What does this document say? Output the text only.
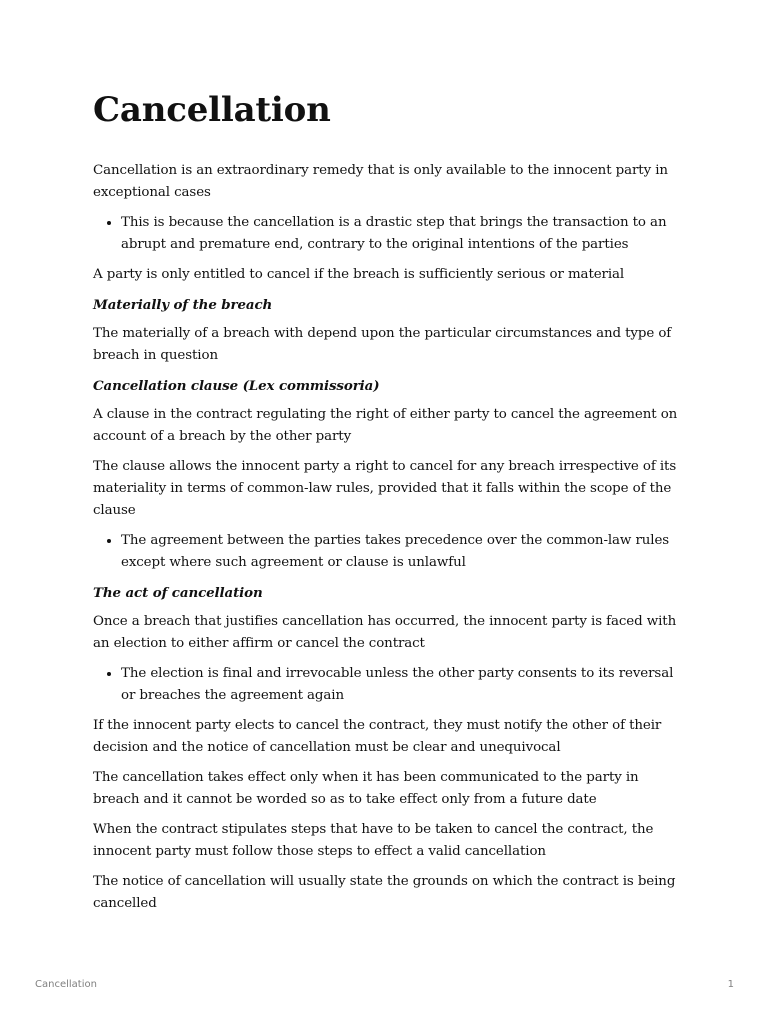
Cancellation

Cancellation is an extraordinary remedy that is only available to the innocent party in exceptional cases

• This is because the cancellation is a drastic step that brings the transaction to an abrupt and premature end, contrary to the original intentions of the parties

A party is only entitled to cancel if the breach is sufficiently serious or material

Materially of the breach

The materially of a breach with depend upon the particular circumstances and type of breach in question

Cancellation clause (Lex commissoria)

A clause in the contract regulating the right of either party to cancel the agreement on account of a breach by the other party

The clause allows the innocent party a right to cancel for any breach irrespective of its materiality in terms of common-law rules, provided that it falls within the scope of the clause

• The agreement between the parties takes precedence over the common-law rules except where such agreement or clause is unlawful

The act of cancellation

Once a breach that justifies cancellation has occurred, the innocent party is faced with an election to either affirm or cancel the contract

• The election is final and irrevocable unless the other party consents to its reversal or breaches the agreement again

If the innocent party elects to cancel the contract, they must notify the other of their decision and the notice of cancellation must be clear and unequivocal

The cancellation takes effect only when it has been communicated to the party in breach and it cannot be worded so as to take effect only from a future date

When the contract stipulates steps that have to be taken to cancel the contract, the innocent party must follow those steps to effect a valid cancellation

The notice of cancellation will usually state the grounds on which the contract is being cancelled

Cancellation	1
